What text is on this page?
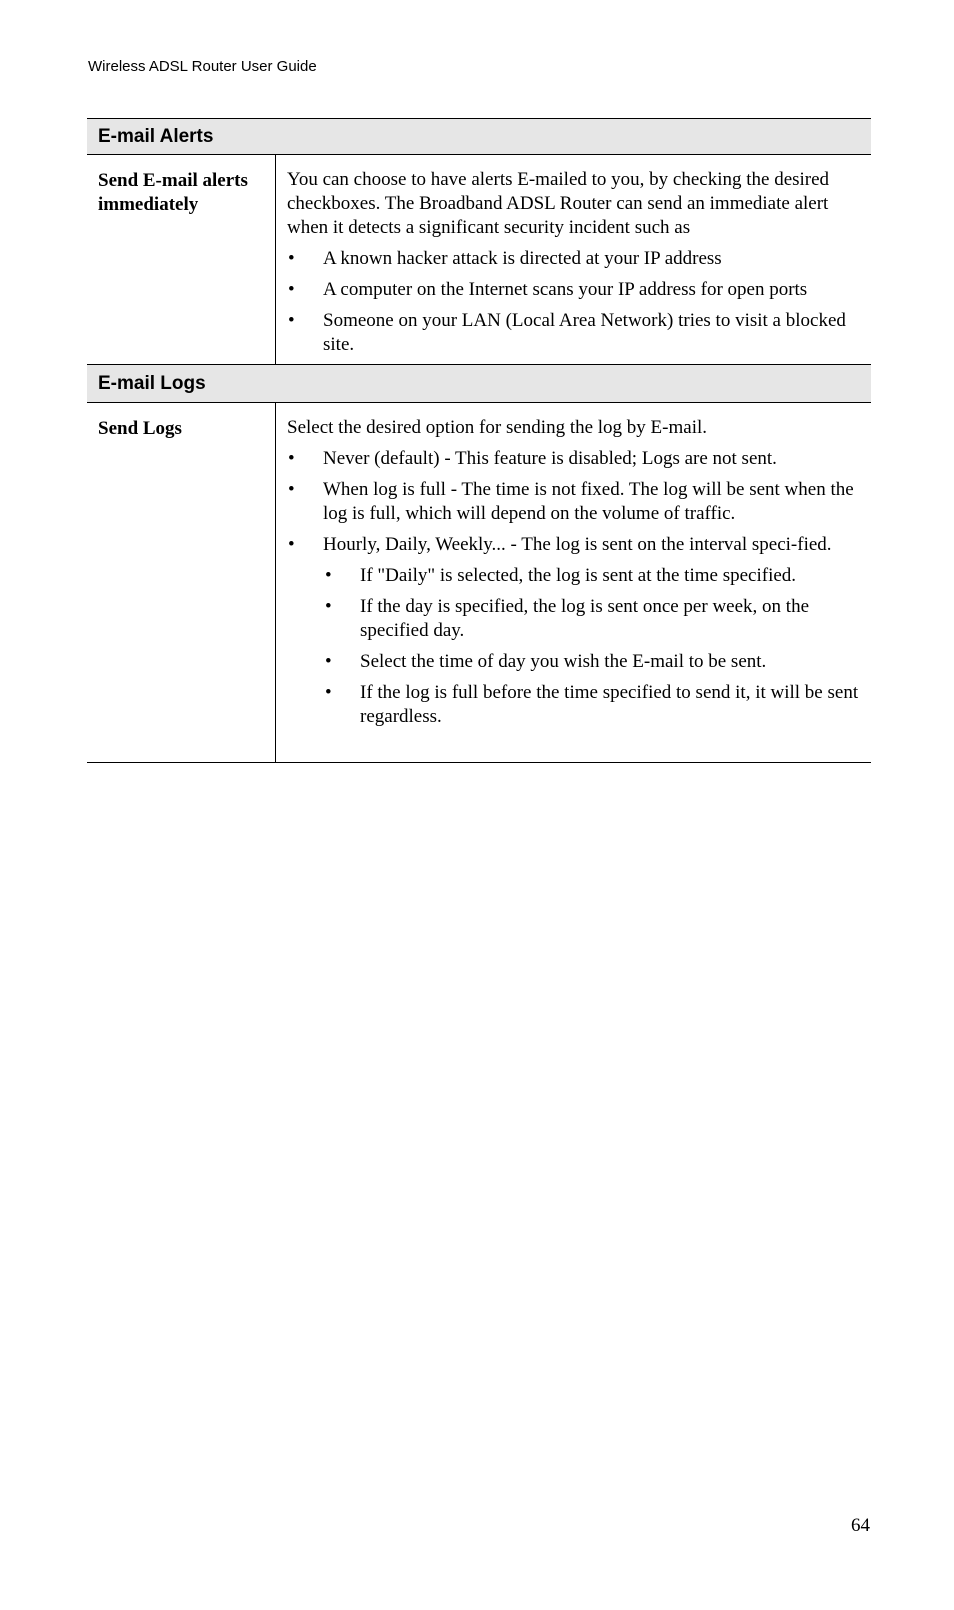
Wireless ADSL Router User Guide
E-mail Alerts
Send E-mail alerts immediately

You can choose to have alerts E-mailed to you, by checking the desired checkboxes. The Broadband ADSL Router can send an immediate alert when it detects a significant security incident such as

• A known hacker attack is directed at your IP address
• A computer on the Internet scans your IP address for open ports
• Someone on your LAN (Local Area Network) tries to visit a blocked site.
E-mail Logs
Send Logs	Select the desired option for sending the log by E-mail.

• Never (default) - This feature is disabled; Logs are not sent.
• When log is full - The time is not fixed. The log will be sent when the log is full, which will depend on the volume of traffic.
• Hourly, Daily, Weekly... - The log is sent on the interval speci-fied.
• If "Daily" is selected, the log is sent at the time specified.
• If the day is specified, the log is sent once per week, on the specified day.
• Select the time of day you wish the E-mail to be sent.
• If the log is full before the time specified to send it, it will be sent regardless.
64
